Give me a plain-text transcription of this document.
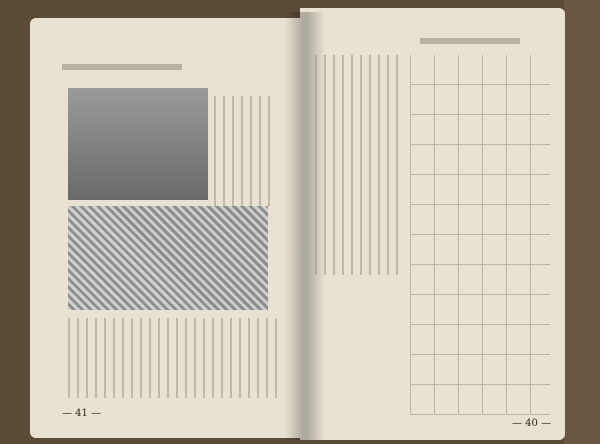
— 41 —
— 40 —
